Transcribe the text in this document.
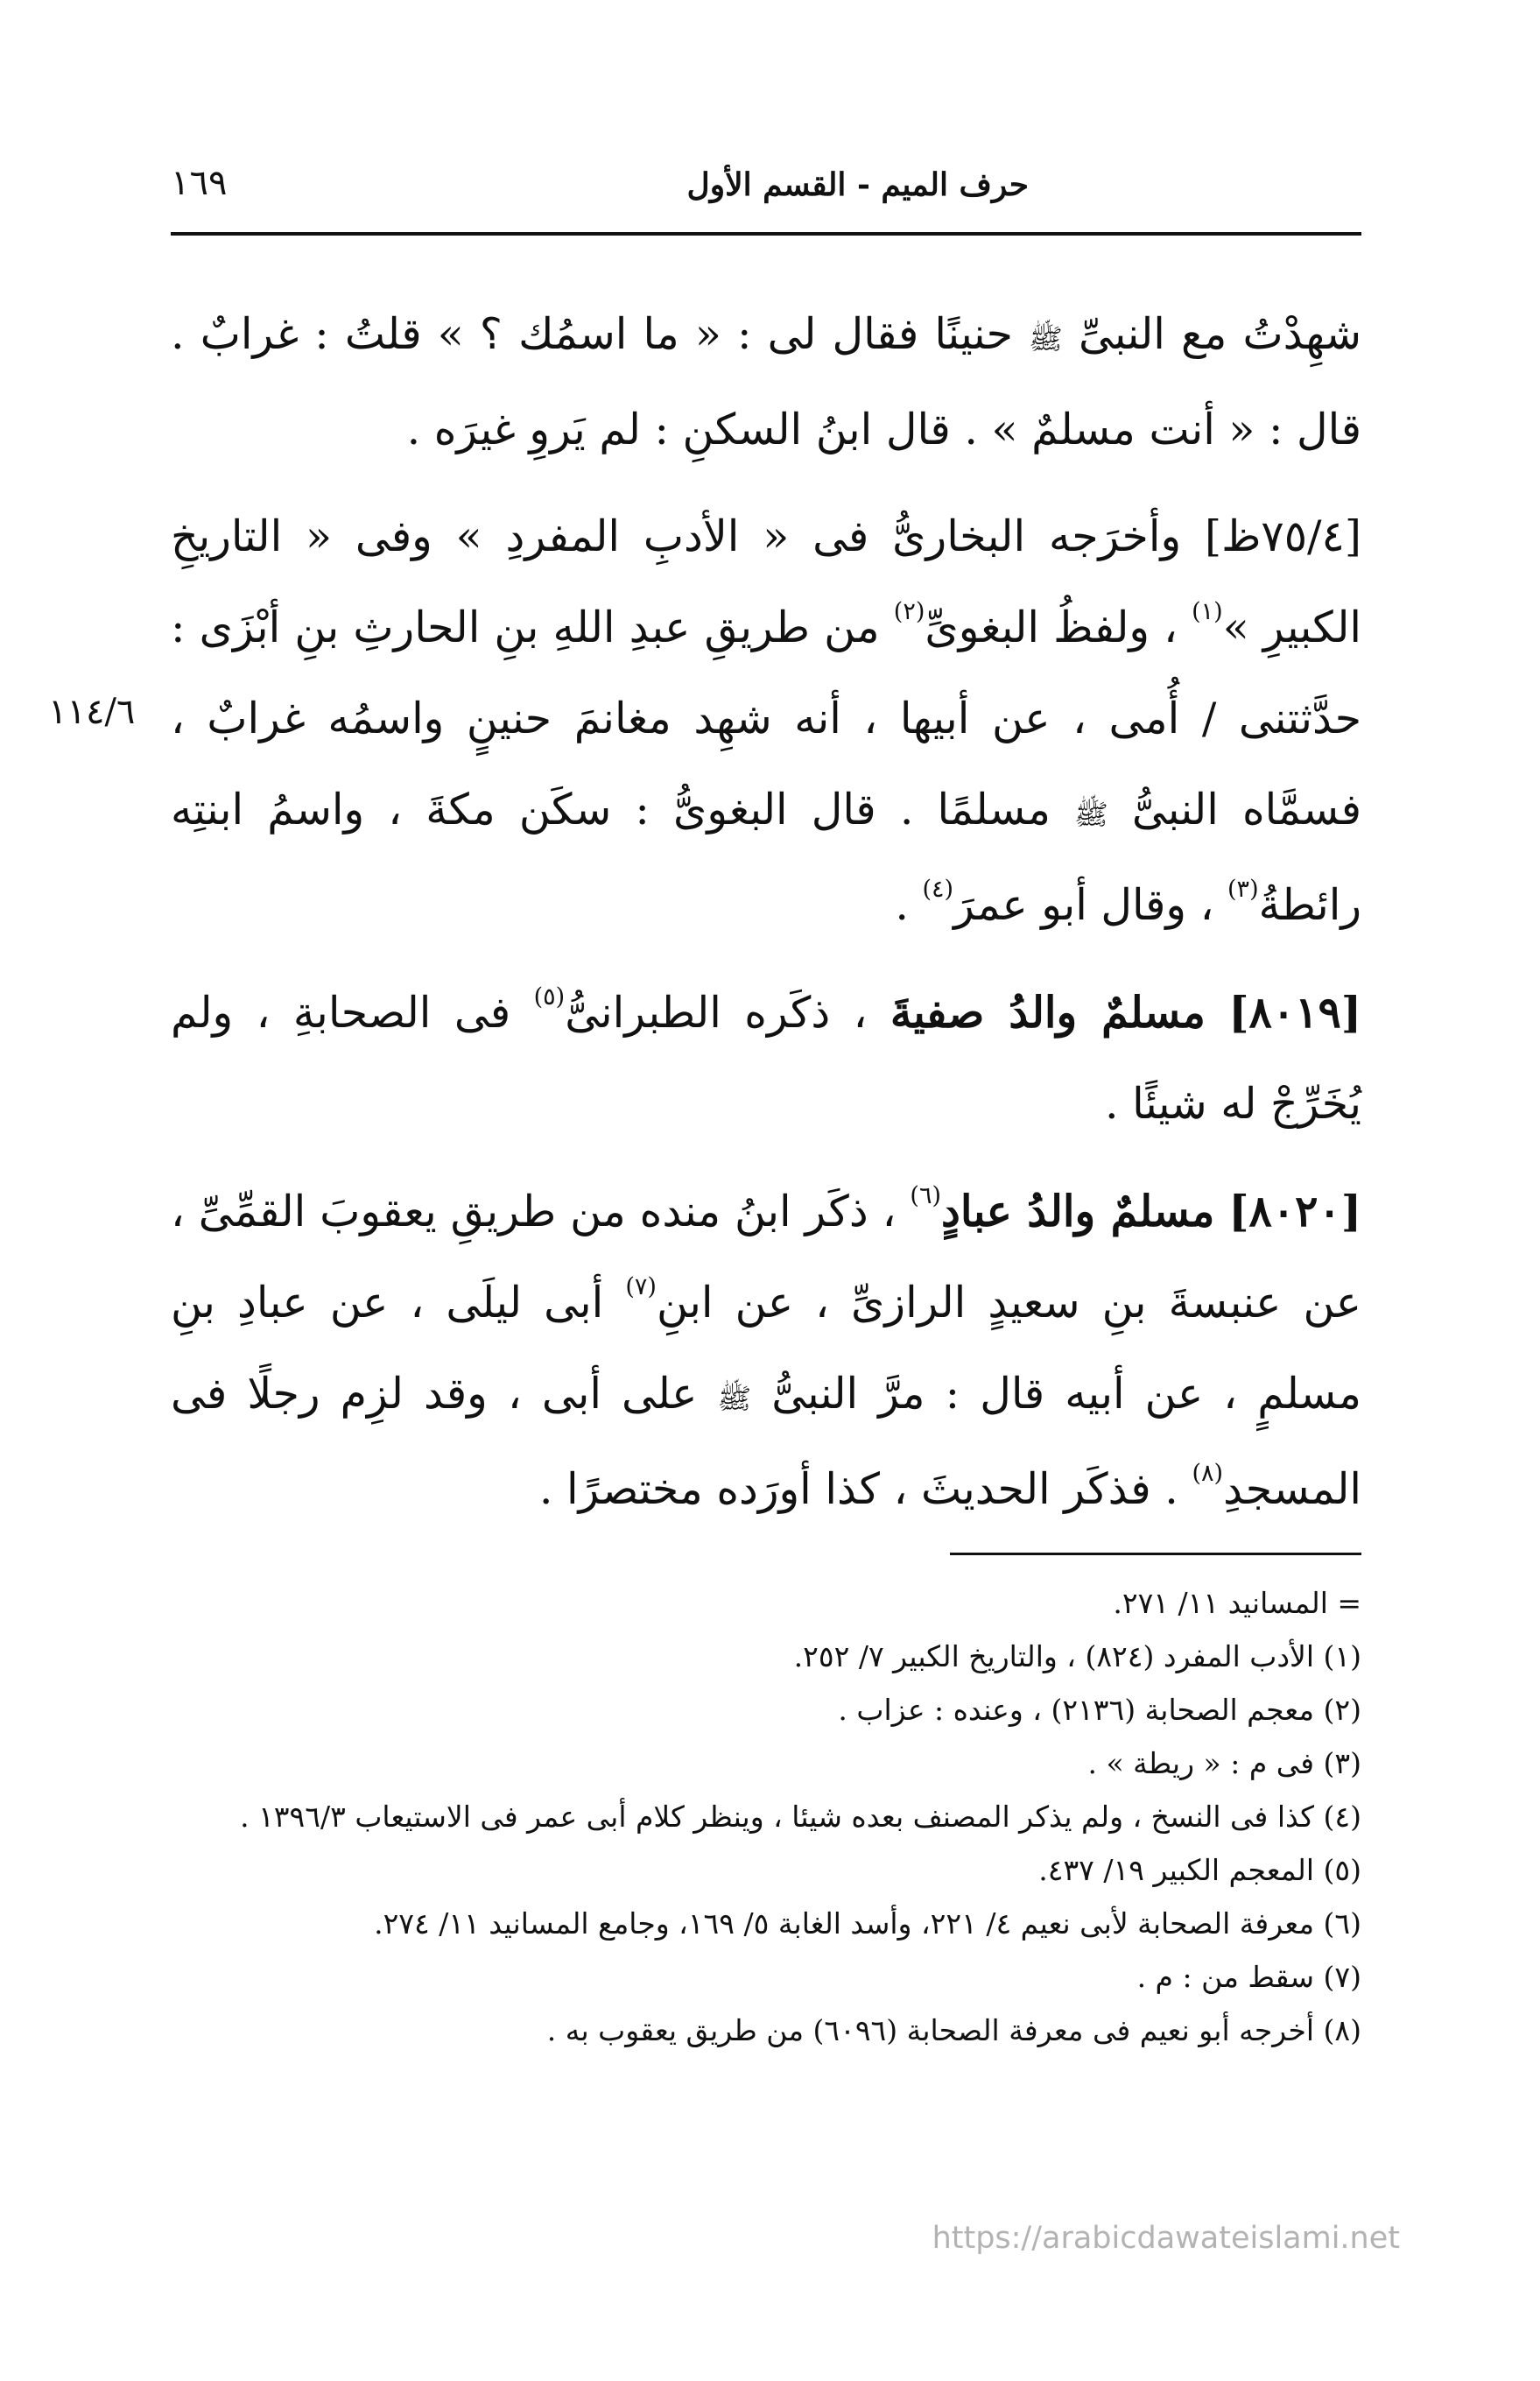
حرف الميم - القسم الأول
١٦٩

شهِدْتُ مع النبىِّ ﷺ حنينًا فقال لى : « ما اسمُك ؟ » قلتُ : غرابٌ . قال : « أنت مسلمٌ » . قال ابنُ السكنِ : لم يَروِ غيرَه .

[٧٥/٤ظ] وأخرَجه البخارىُّ فى « الأدبِ المفردِ » وفى « التاريخِ الكبيرِ »$^{(١)}$ ، ولفظُ البغوىِّ$^{(٢)}$ من طريقِ عبدِ اللهِ بنِ الحارثِ بنِ أبْزَى : حدَّثتنى / أُمى ، عن أبيها ، أنه شهِد مغانمَ حنينٍ واسمُه غرابٌ ، فسمَّاه النبىُّ ﷺ مسلمًا . قال البغوىُّ : سكَن مكةَ ، واسمُ ابنتِه رائطةُ$^{(٣)}$ ، وقال أبو عمرَ$^{(٤)}$ .

[٨٠١٩] مسلمٌ والدُ صفيةَ ، ذكَره الطبرانىُّ$^{(٥)}$ فى الصحابةِ ، ولم يُخَرِّجْ له شيئًا .

[٨٠٢٠] مسلمٌ والدُ عبادٍ$^{(٦)}$ ، ذكَر ابنُ منده من طريقِ يعقوبَ القمِّىِّ ، عن عنبسةَ بنِ سعيدٍ الرازىِّ ، عن ابنِ$^{(٧)}$ أبى ليلَى ، عن عبادِ بنِ مسلمٍ ، عن أبيه قال : مرَّ النبىُّ ﷺ على أبى ، وقد لزِم رجلًا فى المسجدِ$^{(٨)}$ . فذكَر الحديثَ ، كذا أورَده مختصرًا .

١١٤/٦
= المسانيد ١١/ ٢٧١.
(١) الأدب المفرد (٨٢٤) ، والتاريخ الكبير ٧/ ٢٥٢.
(٢) معجم الصحابة (٢١٣٦) ، وعنده : عزاب .
(٣) فى م : « ريطة » .
(٤) كذا فى النسخ ، ولم يذكر المصنف بعده شيئا ، وينظر كلام أبى عمر فى الاستيعاب ١٣٩٦/٣ .
(٥) المعجم الكبير ١٩/ ٤٣٧.
(٦) معرفة الصحابة لأبى نعيم ٤/ ٢٢١، وأسد الغابة ٥/ ١٦٩، وجامع المسانيد ١١/ ٢٧٤.
(٧) سقط من : م .
(٨) أخرجه أبو نعيم فى معرفة الصحابة (٦٠٩٦) من طريق يعقوب به .
https://arabicdawateislami.net
